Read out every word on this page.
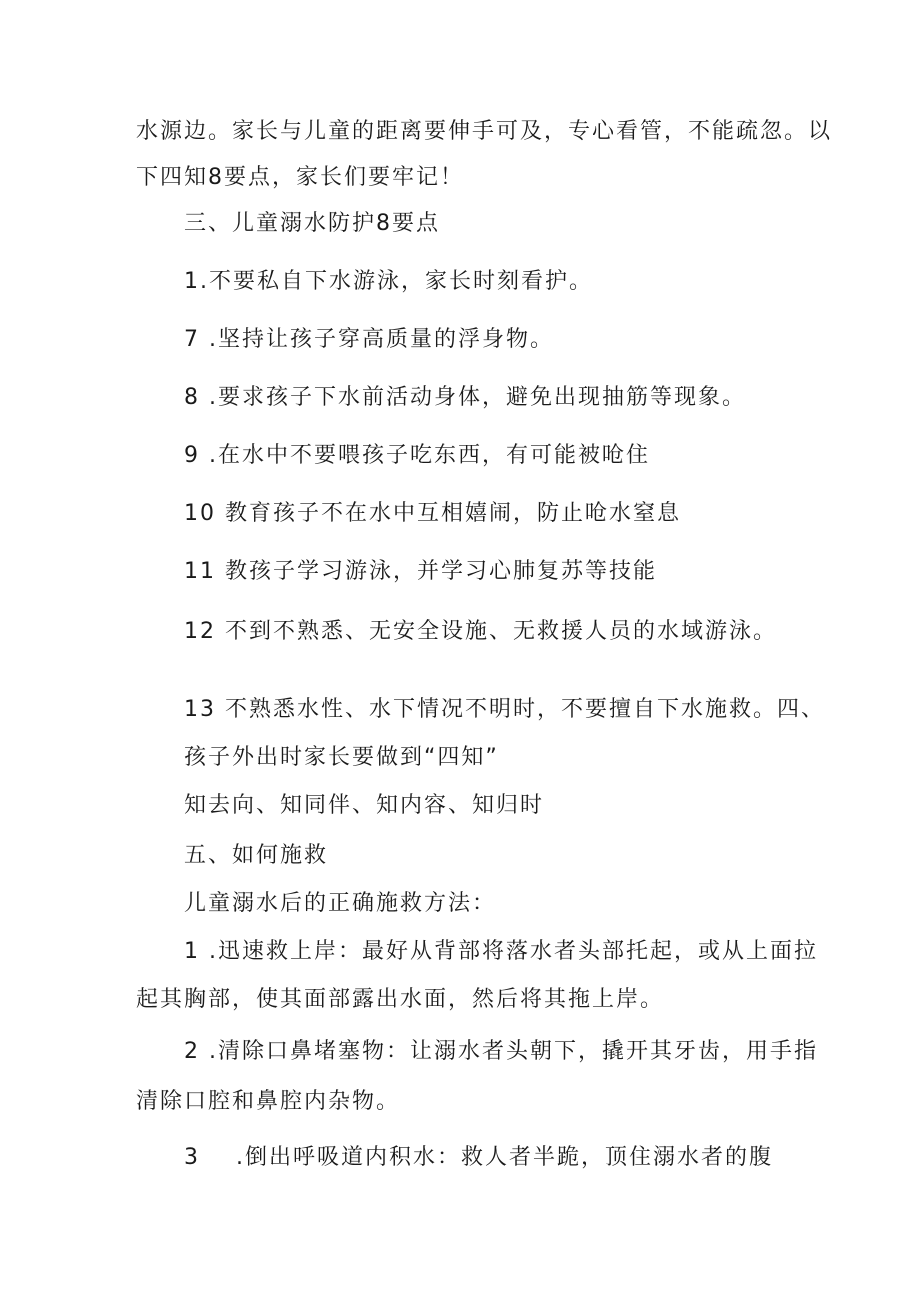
水源边。家长与儿童的距离要伸手可及，专心看管，不能疏忽。以
下四知8要点，家长们要牢记！
三、儿童溺水防护8要点
1.不要私自下水游泳，家长时刻看护。
7 .坚持让孩子穿高质量的浮身物。
8 .要求孩子下水前活动身体，避免出现抽筋等现象。
9 .在水中不要喂孩子吃东西，有可能被呛住
10 教育孩子不在水中互相嬉闹，防止呛水窒息
11 教孩子学习游泳，并学习心肺复苏等技能
12 不到不熟悉、无安全设施、无救援人员的水域游泳。
13 不熟悉水性、水下情况不明时，不要擅自下水施救。四、
孩子外出时家长要做到“四知”
知去向、知同伴、知内容、知归时
五、如何施救
儿童溺水后的正确施救方法：
1 .迅速救上岸：最好从背部将落水者头部托起，或从上面拉
起其胸部，使其面部露出水面，然后将其拖上岸。
2 .清除口鼻堵塞物：让溺水者头朝下，撬开其牙齿，用手指
清除口腔和鼻腔内杂物。
3 .倒出呼吸道内积水：救人者半跪，顶住溺水者的腹
